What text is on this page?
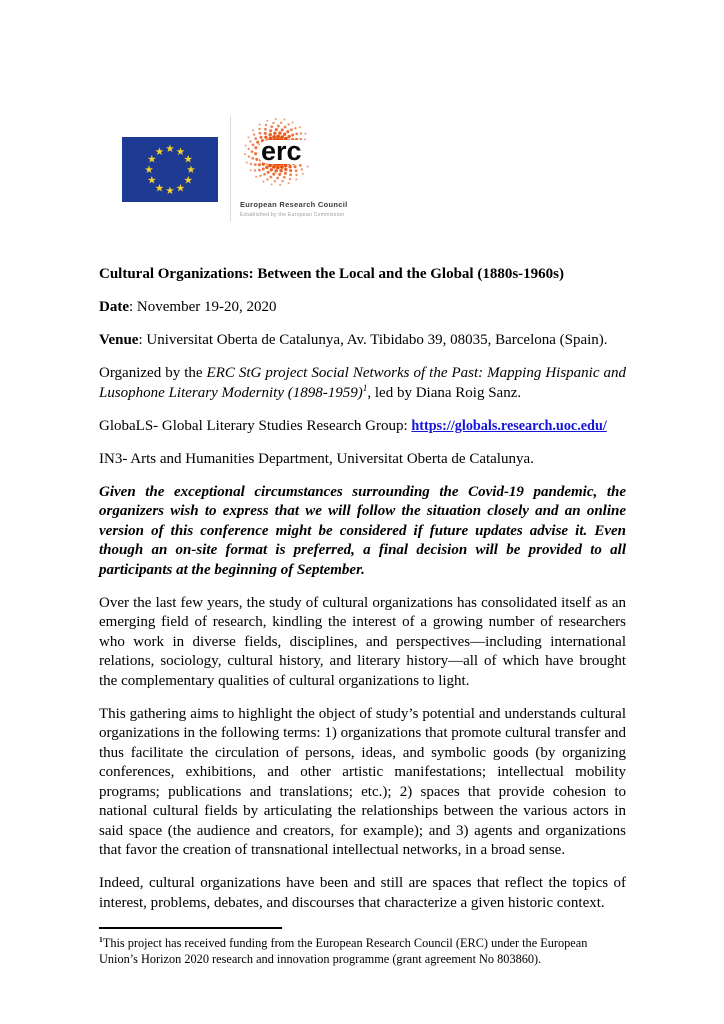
★ ★
★
★
★
★
★
★
★
★
★
★	erc
European Research Council
Established by the European Commission

Cultural Organizations: Between the Local and the Global (1880s-1960s)

Date: November 19-20, 2020

Venue: Universitat Oberta de Catalunya, Av. Tibidabo 39, 08035, Barcelona (Spain).

Organized by the ERC StG project Social Networks of the Past: Mapping Hispanic and Lusophone Literary Modernity (1898-1959)$^1$, led by Diana Roig Sanz.

GlobaLS- Global Literary Studies Research Group: https://globals.research.uoc.edu/

IN3- Arts and Humanities Department, Universitat Oberta de Catalunya.

Given the exceptional circumstances surrounding the Covid-19 pandemic, the organizers wish to express that we will follow the situation closely and an online version of this conference might be considered if future updates advise it. Even though an on-site format is preferred, a final decision will be provided to all participants at the beginning of September.

Over the last few years, the study of cultural organizations has consolidated itself as an emerging field of research, kindling the interest of a growing number of researchers who work in diverse fields, disciplines, and perspectives—including international relations, sociology, cultural history, and literary history—all of which have brought the complementary qualities of cultural organizations to light.

This gathering aims to highlight the object of study’s potential and understands cultural organizations in the following terms: 1) organizations that promote cultural transfer and thus facilitate the circulation of persons, ideas, and symbolic goods (by organizing conferences, exhibitions, and other artistic manifestations; intellectual mobility programs; publications and translations; etc.); 2) spaces that provide cohesion to national cultural fields by articulating the relationships between the various actors in said space (the audience and creators, for example); and 3) agents and organizations that favor the creation of transnational intellectual networks, in a broad sense.

Indeed, cultural organizations have been and still are spaces that reflect the topics of interest, problems, debates, and discourses that characterize a given historic context.

$^1$This project has received funding from the European Research Council (ERC) under the European Union’s Horizon 2020 research and innovation programme (grant agreement No 803860).
